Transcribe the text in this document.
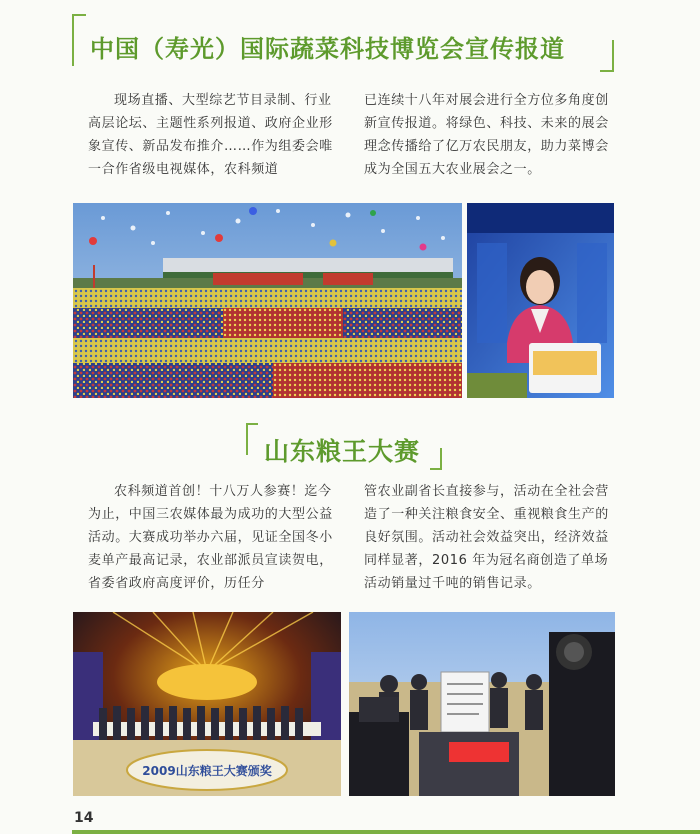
中国（寿光）国际蔬菜科技博览会宣传报道

现场直播、大型综艺节目录制、行业高层论坛、主题性系列报道、政府企业形象宣传、新品发布推介……作为组委会唯一合作省级电视媒体，农科频道

已连续十八年对展会进行全方位多角度创新宣传报道。将绿色、科技、未来的展会理念传播给了亿万农民朋友，助力菜博会成为全国五大农业展会之一。

山东粮王大赛

农科频道首创！十八万人参赛！迄今为止，中国三农媒体最为成功的大型公益活动。大赛成功举办六届，见证全国冬小麦单产最高记录，农业部派员宣读贺电，省委省政府高度评价，历任分

管农业副省长直接参与，活动在全社会营造了一种关注粮食安全、重视粮食生产的良好氛围。活动社会效益突出，经济效益同样显著，2016 年为冠名商创造了单场活动销量过千吨的销售记录。

2009山东粮王大赛颁奖
14
